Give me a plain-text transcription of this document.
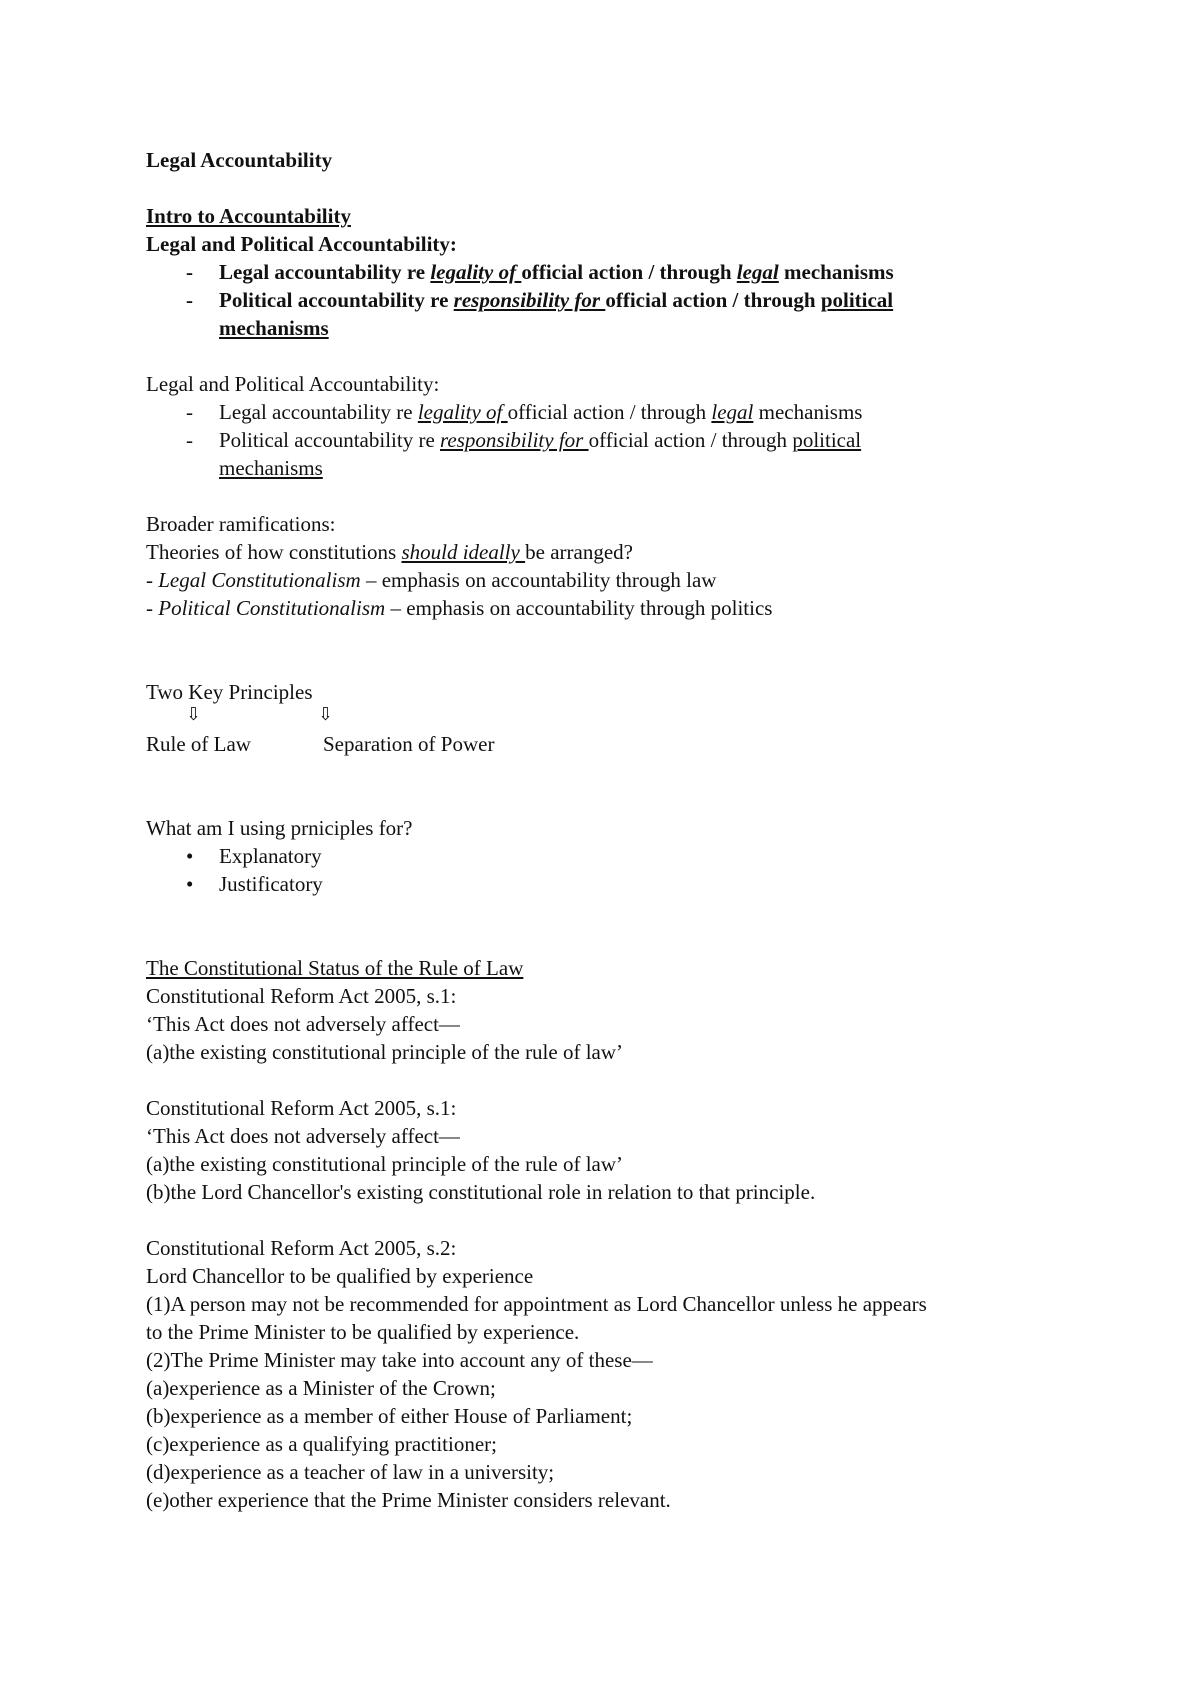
Legal Accountability
Intro to Accountability
Legal and Political Accountability:
- Legal accountability re legality of official action / through legal mechanisms
- Political accountability re responsibility for official action / through political
mechanisms
Legal and Political Accountability:
- Legal accountability re legality of official action / through legal mechanisms
- Political accountability re responsibility for official action / through political
mechanisms
Broader ramifications:
Theories of how constitutions should ideally be arranged?
- Legal Constitutionalism – emphasis on accountability through law
- Political Constitutionalism – emphasis on accountability through politics
Two Key Principles
⇩	⇩
Rule of Law	Separation of Power
What am I using prniciples for?
• Explanatory
• Justificatory
The Constitutional Status of the Rule of Law
Constitutional Reform Act 2005, s.1:
‘This Act does not adversely affect—
(a)the existing constitutional principle of the rule of law’
Constitutional Reform Act 2005, s.1:
‘This Act does not adversely affect—
(a)the existing constitutional principle of the rule of law’
(b)the Lord Chancellor's existing constitutional role in relation to that principle.
Constitutional Reform Act 2005, s.2:
Lord Chancellor to be qualified by experience
(1)A person may not be recommended for appointment as Lord Chancellor unless he appears
to the Prime Minister to be qualified by experience.
(2)The Prime Minister may take into account any of these—
(a)experience as a Minister of the Crown;
(b)experience as a member of either House of Parliament;
(c)experience as a qualifying practitioner;
(d)experience as a teacher of law in a university;
(e)other experience that the Prime Minister considers relevant.
